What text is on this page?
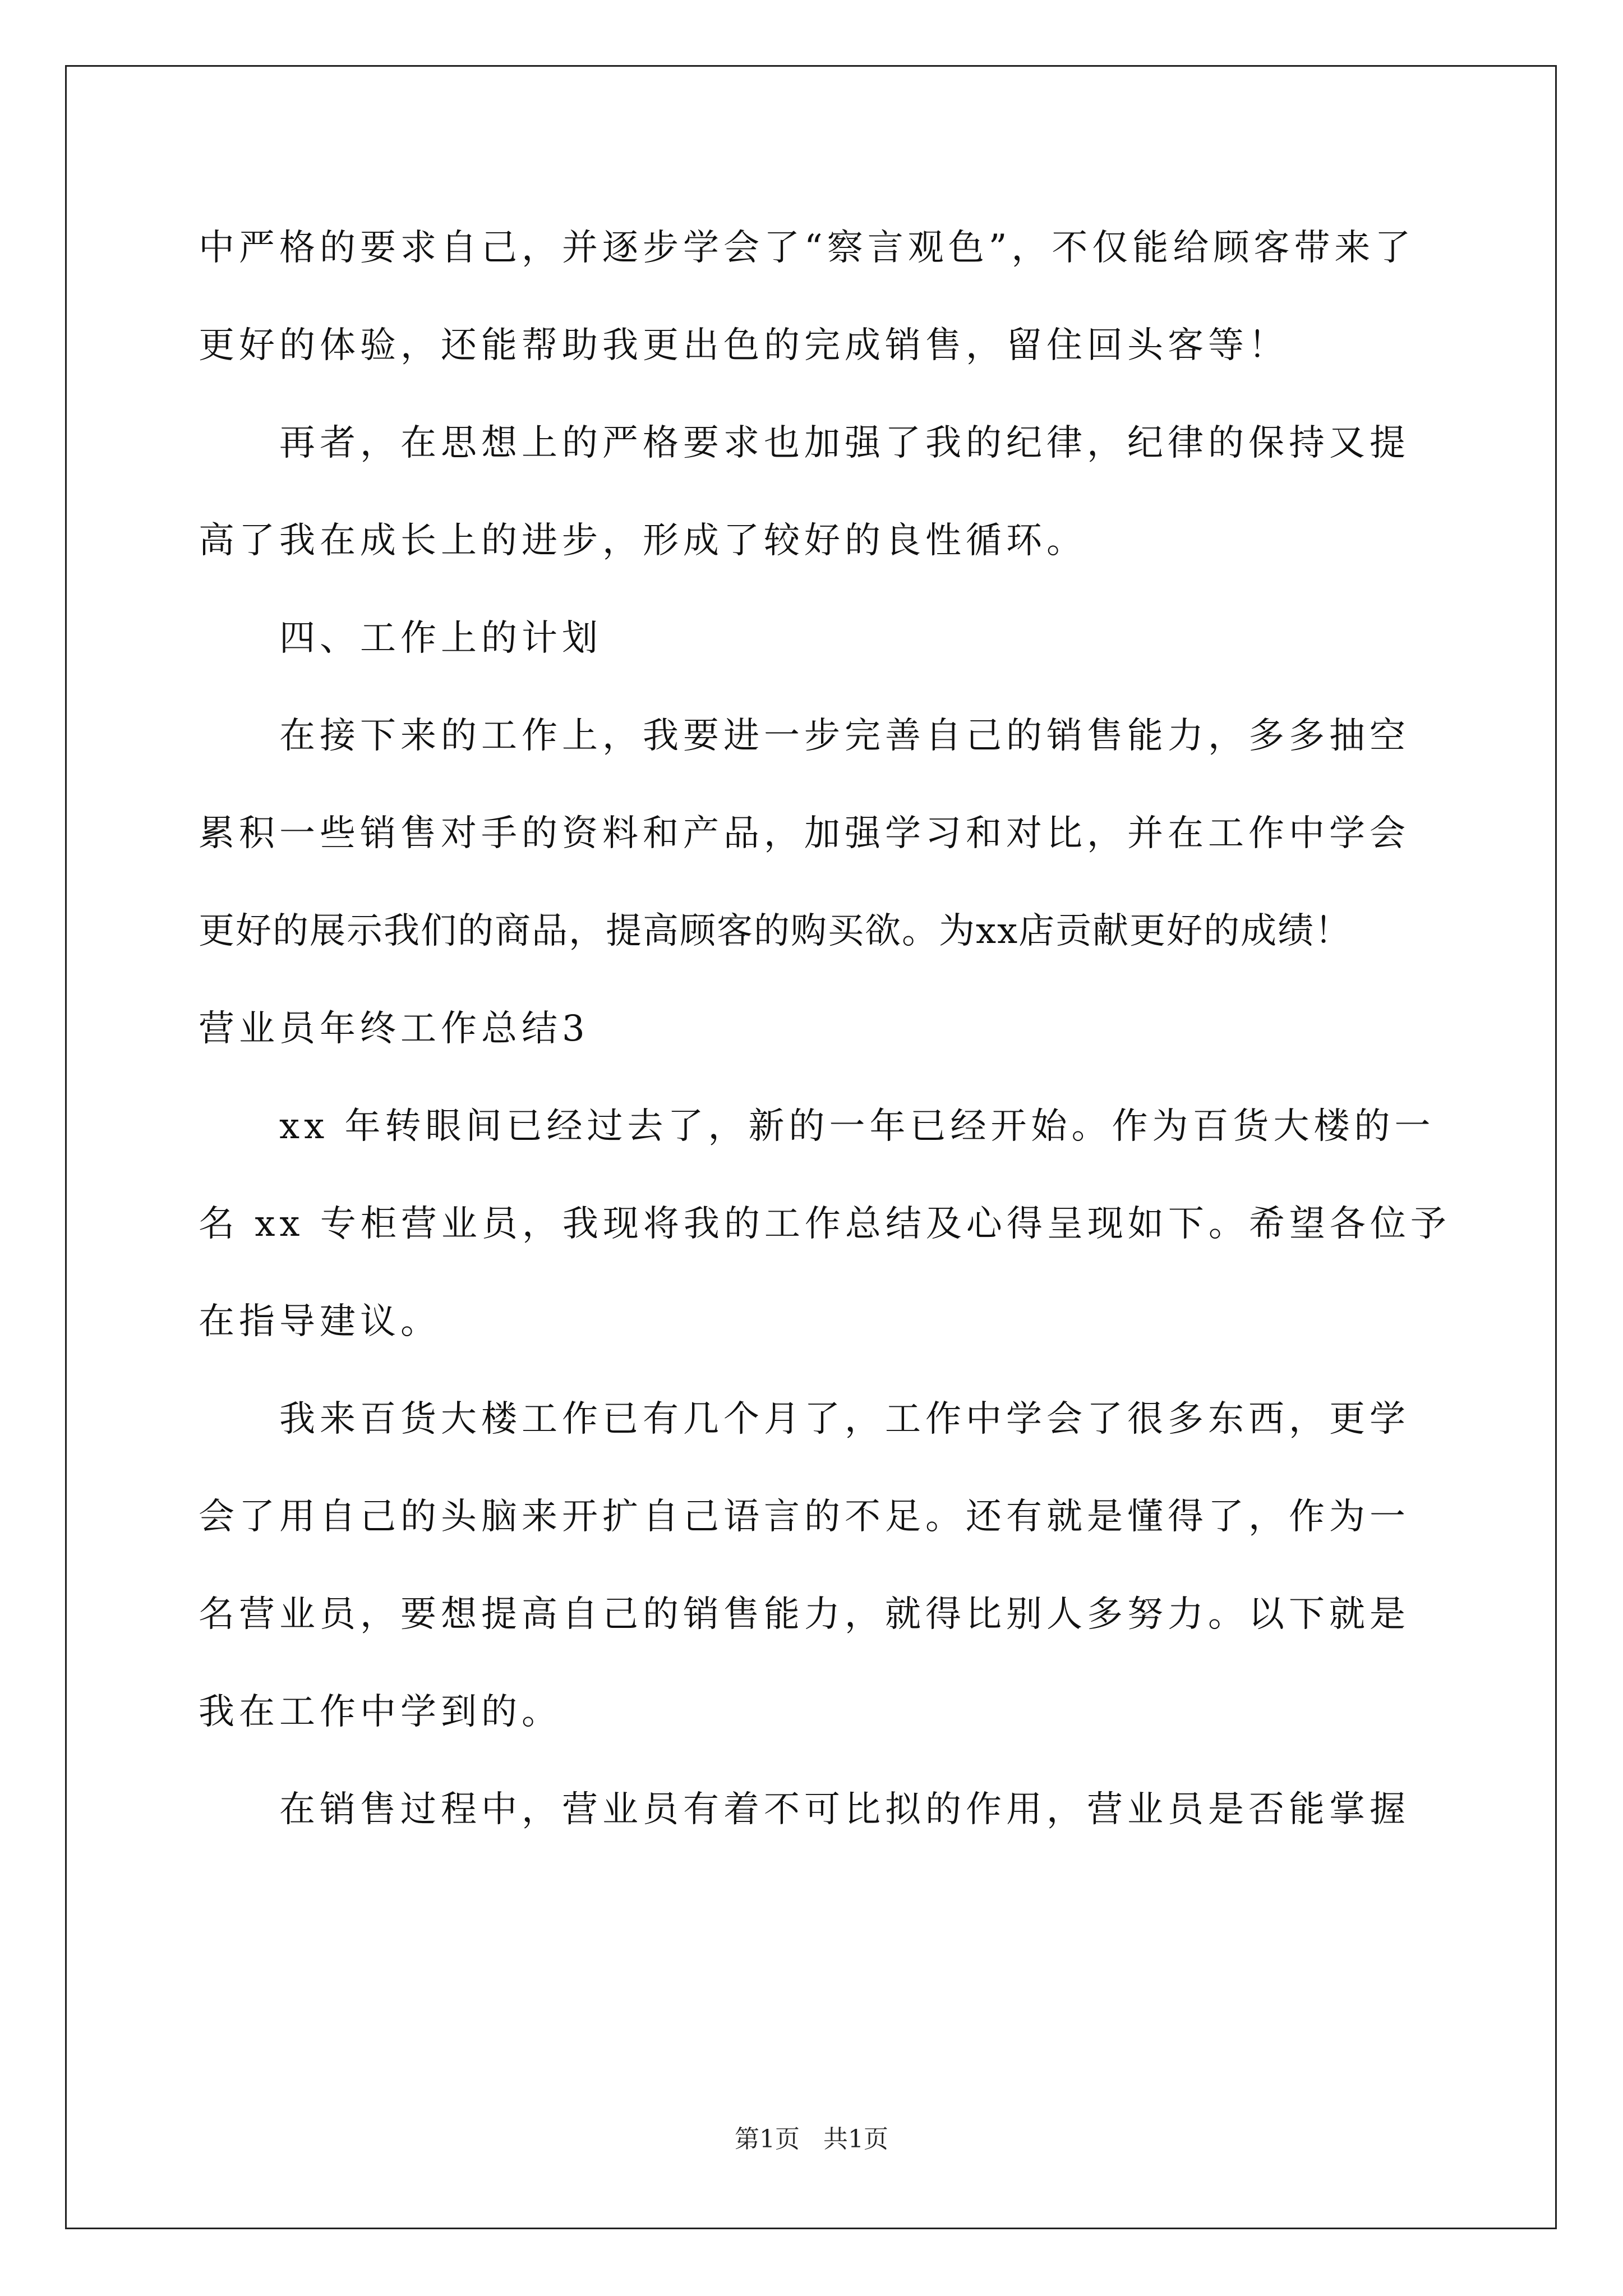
中严格的要求自己，并逐步学会了“察言观色”，不仅能给顾客带来了
更好的体验，还能帮助我更出色的完成销售，留住回头客等！
再者，在思想上的严格要求也加强了我的纪律，纪律的保持又提
高了我在成长上的进步，形成了较好的良性循环。
四、工作上的计划
在接下来的工作上，我要进一步完善自己的销售能力，多多抽空
累积一些销售对手的资料和产品，加强学习和对比，并在工作中学会
更好的展示我们的商品，提高顾客的购买欲。为xx店贡献更好的成绩！
营业员年终工作总结3
xx 年转眼间已经过去了，新的一年已经开始。作为百货大楼的一
名 xx 专柜营业员，我现将我的工作总结及心得呈现如下。希望各位予
在指导建议。
我来百货大楼工作已有几个月了，工作中学会了很多东西，更学
会了用自己的头脑来开扩自己语言的不足。还有就是懂得了，作为一
名营业员，要想提高自己的销售能力，就得比别人多努力。以下就是
我在工作中学到的。
在销售过程中，营业员有着不可比拟的作用，营业员是否能掌握
第1页   共1页
